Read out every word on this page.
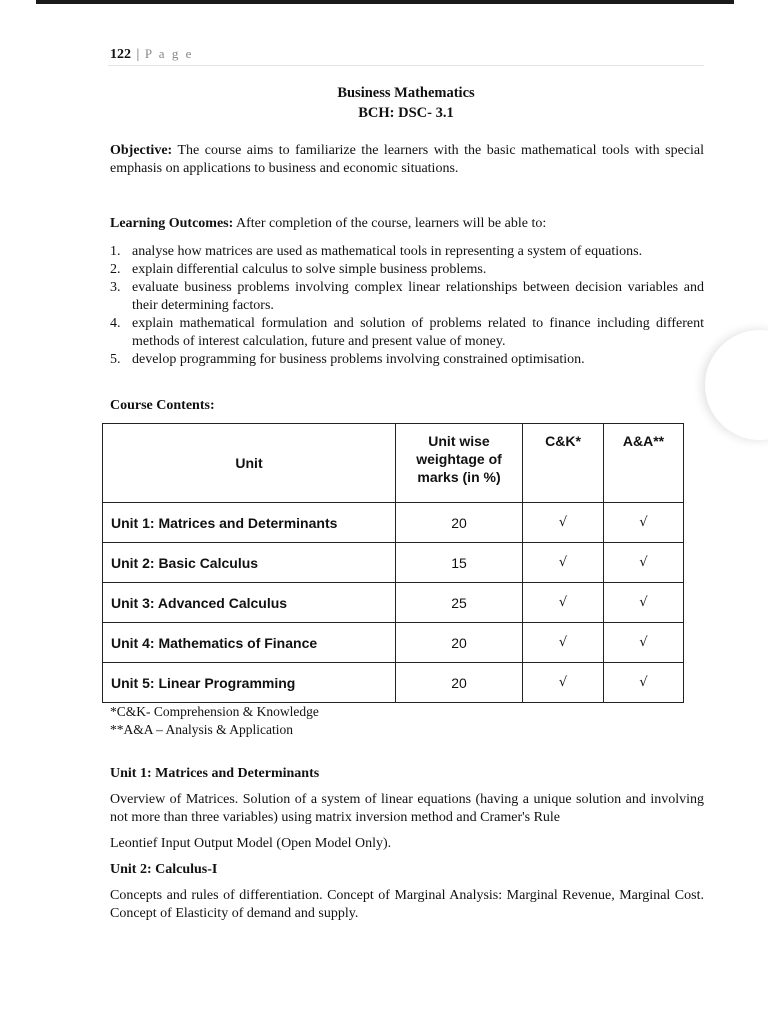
122 | P a g e
Business Mathematics
BCH: DSC- 3.1
Objective: The course aims to familiarize the learners with the basic mathematical tools with special emphasis on applications to business and economic situations.
Learning Outcomes: After completion of the course, learners will be able to:
1. analyse how matrices are used as mathematical tools in representing a system of equations.
2. explain differential calculus to solve simple business problems.
3. evaluate business problems involving complex linear relationships between decision variables and their determining factors.
4. explain mathematical formulation and solution of problems related to finance including different methods of interest calculation, future and present value of money.
5. develop programming for business problems involving constrained optimisation.
Course Contents:
Unit	Unit wise
weightage of
marks (in %)	C&K*	A&A**

Unit 1: Matrices and Determinants	20	√	√
Unit 2: Basic Calculus	15	√	√
Unit 3: Advanced Calculus	25	√	√
Unit 4: Mathematics of Finance	20	√	√
Unit 5: Linear Programming	20	√	√
*C&K- Comprehension & Knowledge
**A&A – Analysis & Application
Unit 1: Matrices and Determinants
Overview of Matrices. Solution of a system of linear equations (having a unique solution and involving not more than three variables) using matrix inversion method and Cramer's Rule
Leontief Input Output Model (Open Model Only).
Unit 2: Calculus-I
Concepts and rules of differentiation. Concept of Marginal Analysis: Marginal Revenue, Marginal Cost. Concept of Elasticity of demand and supply.
